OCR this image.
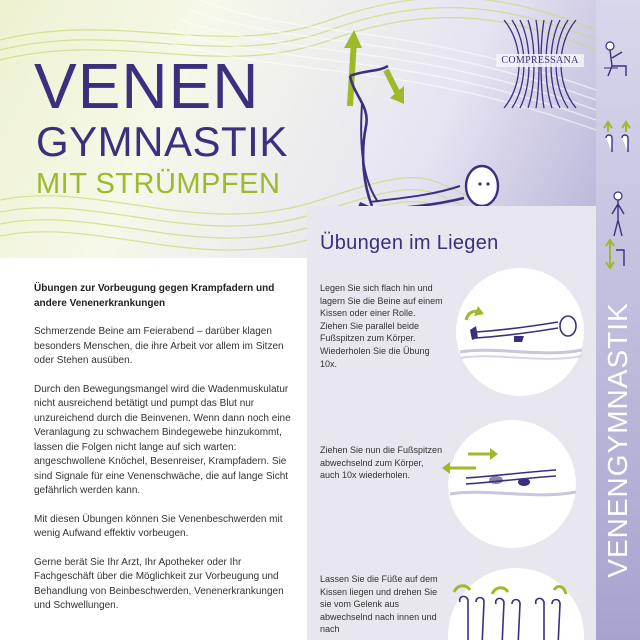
VENEN
GYMNASTIK
MIT STRÜMPFEN
COMPRESSANA
VENENGYMNASTIK

Übungen zur Vorbeugung gegen Krampfadern und andere Venenerkrankungen

Schmerzende Beine am Feierabend – darüber klagen besonders Menschen, die ihre Arbeit vor allem im Sitzen oder Stehen ausüben.

Durch den Bewegungsmangel wird die Wadenmuskulatur nicht ausreichend betätigt und pumpt das Blut nur unzureichend durch die Beinvenen. Wenn dann noch eine Veranlagung zu schwachem Bindegewebe hinzukommt, lassen die Folgen nicht lange auf sich warten: angeschwollene Knöchel, Besenreiser, Krampfadern. Sie sind Signale für eine Venenschwäche, die auf lange Sicht gefährlich werden kann.

Mit diesen Übungen können Sie Venenbeschwerden mit wenig Aufwand effektiv vorbeugen.

Gerne berät Sie Ihr Arzt, Ihr Apotheker oder Ihr Fachgeschäft über die Möglichkeit zur Vorbeugung und Behandlung von Beinbeschwerden, Venenerkrankungen und Schwellungen.

Übungen im Liegen
Legen Sie sich flach hin und lagern Sie die Beine auf einem Kissen oder einer Rolle. Ziehen Sie parallel beide Fußspitzen zum Körper. Wiederholen Sie die Übung 10x.
Ziehen Sie nun die Fußspitzen abwechselnd zum Körper, auch 10x wiederholen.
Lassen Sie die Füße auf dem Kissen liegen und drehen Sie sie vom Gelenk aus abwechselnd nach innen und nach
